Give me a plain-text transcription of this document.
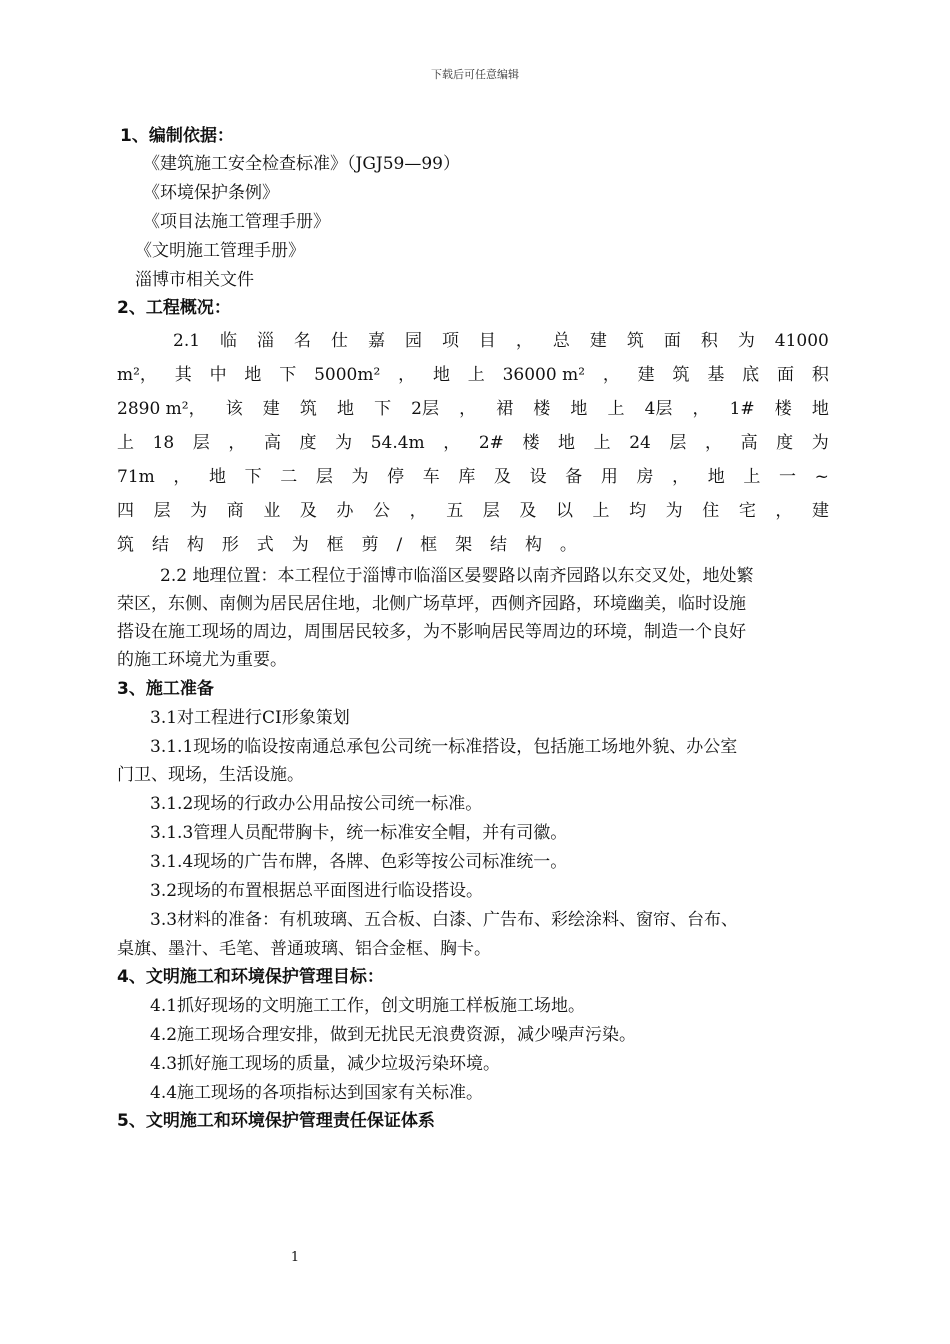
下载后可任意编辑
1、编制依据：
《建筑施工安全检查标准》（JGJ59—99）
《环境保护条例》
《项目法施工管理手册》
《文明施工管理手册》
淄博市相关文件
2、工程概况：
2.1 临 淄 名 仕 嘉 园 项 目 ， 总 建 筑 面 积 为 41000
m²， 其 中 地 下 5000m² ， 地 上 36000 m² ， 建 筑 基 底 面 积
2890 m²， 该 建 筑 地 下 2层 ， 裙 楼 地 上 4层 ， 1# 楼 地
上 18 层 ， 高 度 为 54.4m ， 2# 楼 地 上 24 层 ， 高 度 为
71m ， 地 下 二 层 为 停 车 库 及 设 备 用 房 ， 地 上 一 ~
四 层 为 商 业 及 办 公 ， 五 层 及 以 上 均 为 住 宅 ， 建
筑 结 构 形 式 为 框 剪 / 框 架 结 构 。
2.2 地理位置：本工程位于淄博市临淄区晏婴路以南齐园路以东交叉处，地处繁
荣区，东侧、南侧为居民居住地，北侧广场草坪，西侧齐园路，环境幽美，临时设施
搭设在施工现场的周边，周围居民较多，为不影响居民等周边的环境，制造一个良好
的施工环境尤为重要。
3、施工准备
3.1对工程进行CI形象策划
3.1.1现场的临设按南通总承包公司统一标准搭设，包括施工场地外貌、办公室
门卫、现场，生活设施。
3.1.2现场的行政办公用品按公司统一标准。
3.1.3管理人员配带胸卡，统一标准安全帽，并有司徽。
3.1.4现场的广告布牌，各牌、色彩等按公司标准统一。
3.2现场的布置根据总平面图进行临设搭设。
3.3材料的准备：有机玻璃、五合板、白漆、广告布、彩绘涂料、窗帘、台布、
桌旗、墨汁、毛笔、普通玻璃、铝合金框、胸卡。
4、文明施工和环境保护管理目标：
4.1抓好现场的文明施工工作，创文明施工样板施工场地。
4.2施工现场合理安排，做到无扰民无浪费资源，减少噪声污染。
4.3抓好施工现场的质量，减少垃圾污染环境。
4.4施工现场的各项指标达到国家有关标准。
5、文明施工和环境保护管理责任保证体系
1
